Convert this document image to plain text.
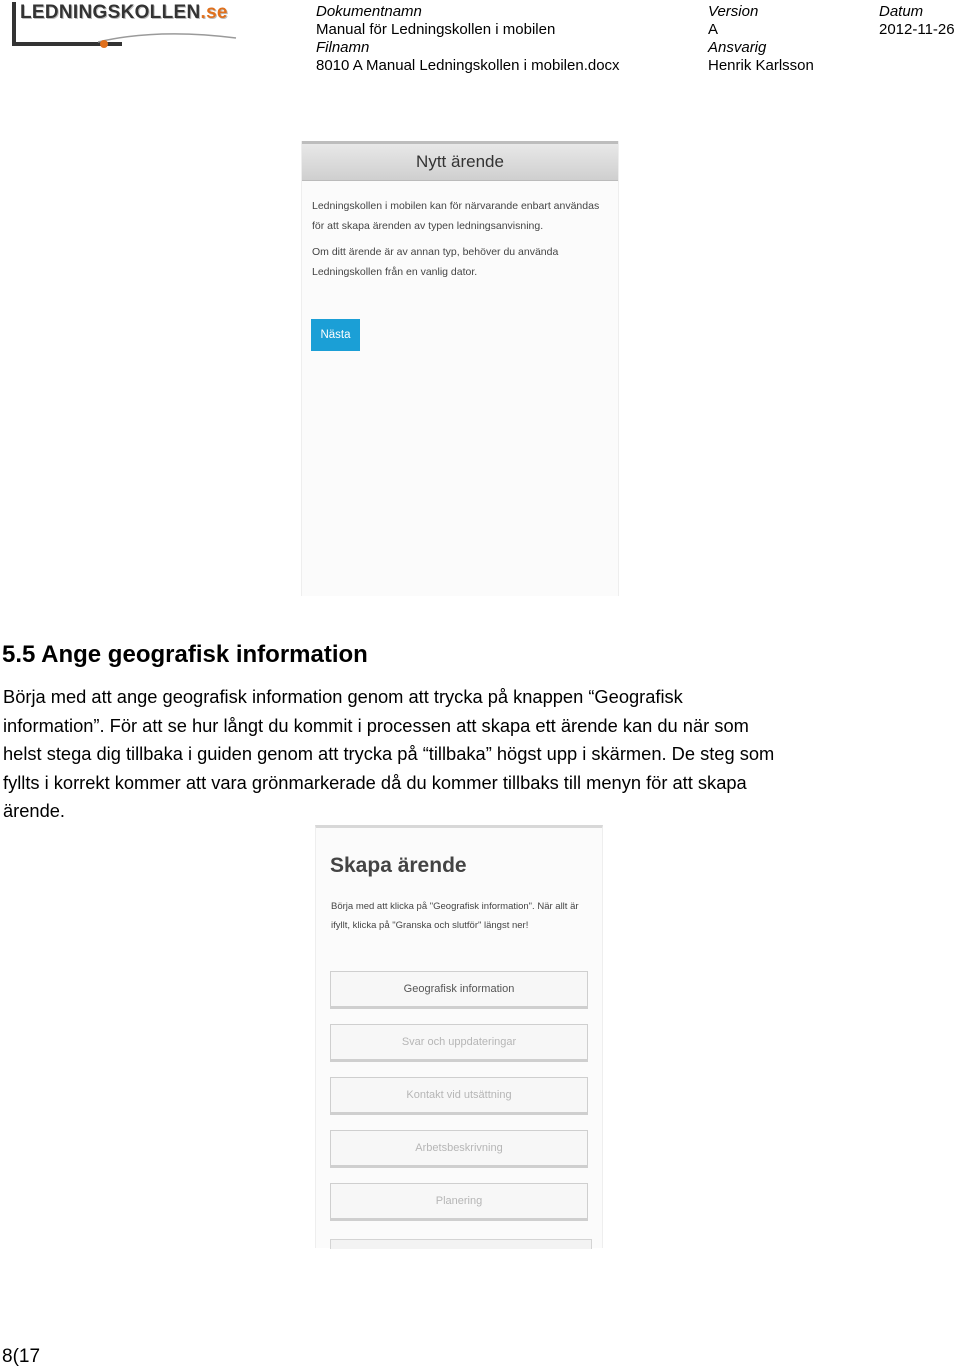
LEDNINGSKOLLEN.se	Dokumentnamn
Manual för Ledningskollen i mobilen
Filnamn
8010 A Manual Ledningskollen i mobilen.docx
Version
A
Ansvarig
Henrik Karlsson
Datum
2012-11-26
Nytt ärende

Ledningskollen i mobilen kan för närvarande enbart användas för att skapa ärenden av typen ledningsanvisning.

Om ditt ärende är av annan typ, behöver du använda Ledningskollen från en vanlig dator.

Nästa
5.5 Ange geografisk information

Börja med att ange geografisk information genom att trycka på knappen “Geografisk
information”. För att se hur långt du kommit i processen att skapa ett ärende kan du när som
helst stega dig tillbaka i guiden genom att trycka på “tillbaka” högst upp i skärmen. De steg som
fyllts i korrekt kommer att vara grönmarkerade då du kommer tillbaks till menyn för att skapa
ärende.

Skapa ärende

Börja med att klicka på "Geografisk information". När allt är ifyllt, klicka på "Granska och slutför" längst ner!

Geografisk information
Svar och uppdateringar
Kontakt vid utsättning
Arbetsbeskrivning
Planering
8(17
